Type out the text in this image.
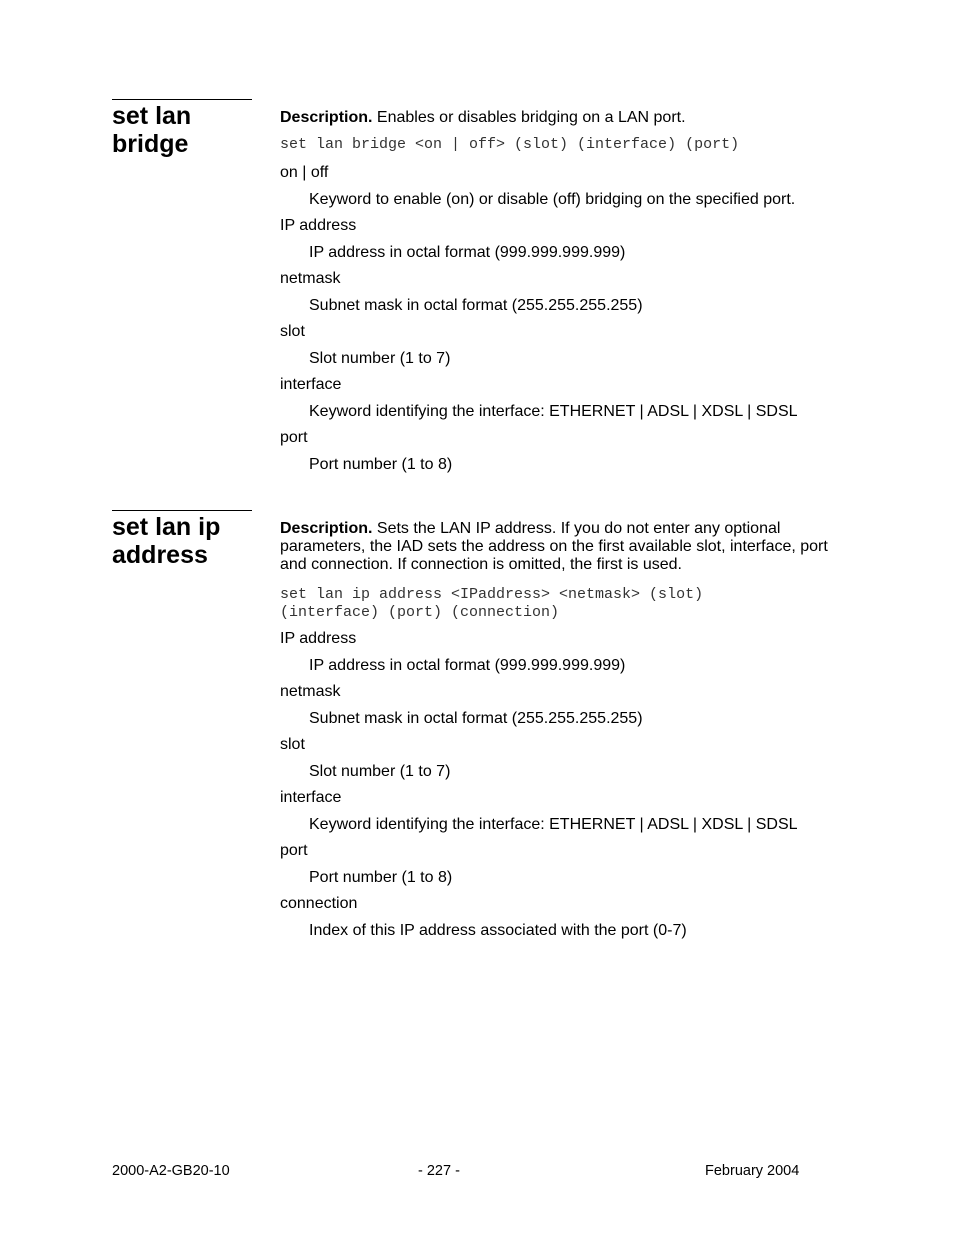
set lan
bridge

Description. Enables or disables bridging on a LAN port.

set lan bridge <on | off> (slot) (interface) (port)

on | off
Keyword to enable (on) or disable (off) bridging on the specified port.

IP address
IP address in octal format (999.999.999.999)

netmask
Subnet mask in octal format (255.255.255.255)

slot
Slot number (1 to 7)

interface
Keyword identifying the interface: ETHERNET | ADSL | XDSL | SDSL

port
Port number (1 to 8)

set lan ip
address

Description. Sets the LAN IP address. If you do not enter any optional parameters, the IAD sets the address on the first available slot, interface, port and connection. If connection is omitted, the first is used.

set lan ip address <IPaddress> <netmask> (slot)
(interface) (port) (connection)

IP address
IP address in octal format (999.999.999.999)

netmask
Subnet mask in octal format (255.255.255.255)

slot
Slot number (1 to 7)

interface
Keyword identifying the interface: ETHERNET | ADSL | XDSL | SDSL

port
Port number (1 to 8)

connection
Index of this IP address associated with the port (0-7)

2000-A2-GB20-10	- 227 -	February 2004
